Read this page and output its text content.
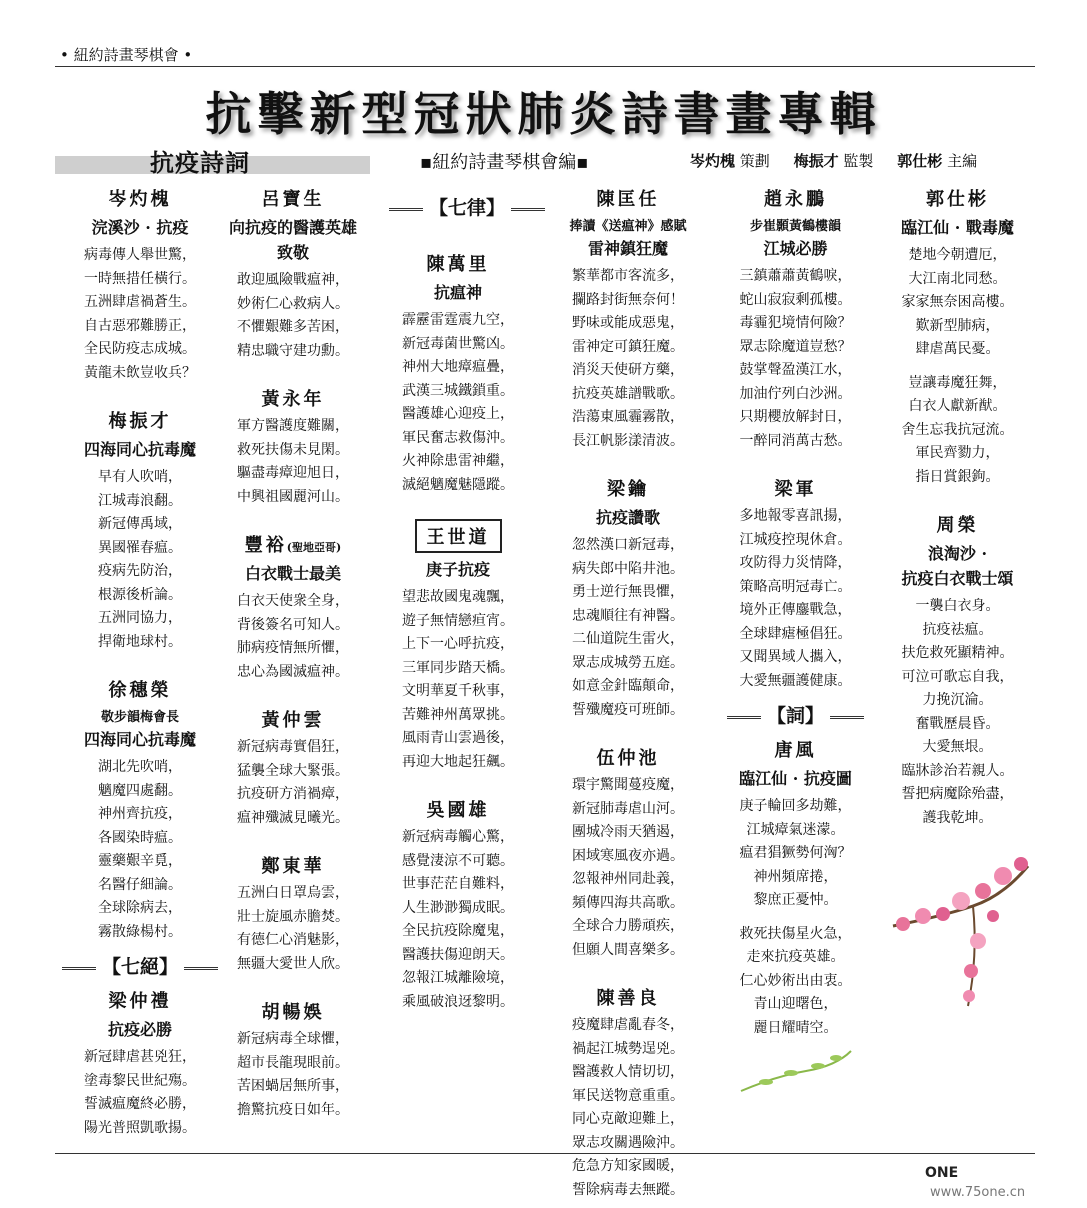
• 紐約詩畫琴棋會 •
抗擊新型冠狀肺炎詩書畫專輯
抗疫詩詞	▪紐約詩畫琴棋會編▪	岑灼槐 策劃 梅振才 監製 郭仕彬 主編
岑灼槐
浣溪沙 · 抗疫
病毒傳人舉世驚，
一時無措任橫行。
五洲肆虐禍蒼生。
自古惡邪難勝正，
全民防疫志成城。
黃龍未飲豈收兵？
梅振才
四海同心抗毒魔
早有人吹哨，
江城毒浪翻。
新冠傳禹域，
異國罹春瘟。
疫病先防治，
根源後析論。
五洲同協力，
捍衛地球村。
徐穗榮
敬步韻梅會長
四海同心抗毒魔
湖北先吹哨，
魑魔四處翻。
神州齊抗疫，
各國染時瘟。
靈藥艱辛覓，
名醫仔細論。
全球除病去，
霧散綠楊村。
【七絕】
梁仲禮
抗疫必勝
新冠肆虐甚兇狂，
塗毒黎民世紀殤。
誓滅瘟魔終必勝，
陽光普照凱歌揚。
呂寶生
向抗疫的醫護英雄
致敬
敢迎風險戰瘟神，
妙術仁心救病人。
不懼艱難多苦困，
精忠職守建功勳。
黃永年
軍方醫護度難關，
救死扶傷未見閑。
驅盡毒瘴迎旭日，
中興祖國麗河山。
豐裕(聖地亞哥)
白衣戰士最美
白衣天使衆全身，
背後簽名可知人。
肺病疫情無所懼，
忠心為國滅瘟神。
黃仲雲
新冠病毒實倡狂，
猛襲全球大緊張。
抗疫研方消禍瘴，
瘟神殲滅見曦光。
鄭東華
五洲白日罩烏雲，
壯士旋風赤膽焚。
有德仁心消魅影，
無疆大愛世人欣。
胡暢娛
新冠病毒全球懼，
超市長龍現眼前。
苦困蝸居無所事，
擔驚抗疫日如年。
【七律】
陳萬里
抗瘟神
霹靂雷霆震九空，
新冠毒菌世驚凶。
神州大地瘴瘟疊，
武漢三城鐵鎖重。
醫護雄心迎疫上，
軍民奮志救傷沖。
火神除患雷神繼，
滅絕魑魔魅隱蹤。
王世道
庚子抗疫
望悲故國鬼魂飄，
遊子無情戀疸宵。
上下一心呼抗疫，
三軍同步踏天橋。
文明華夏千秋事，
苦難神州萬眾挑。
風雨青山雲過後，
再迎大地起狂飆。
吳國雄
新冠病毒觸心驚，
感覺淒涼不可聽。
世事茫茫自難料，
人生渺渺獨成眠。
全民抗疫除魔鬼，
醫護扶傷迎朗天。
忽報江城離險境，
乘風破浪迓黎明。
陳匡任
捧讀《送瘟神》感賦
雷神鎮狂魔
繁華都市客流多，
攔路封街無奈何！
野味或能成惡鬼，
雷神定可鎮狂魔。
消災天使研方藥，
抗疫英雄譜戰歌。
浩蕩東風霾霧散，
長江帆影漾清波。
梁鑰
抗疫讚歌
忽然漢口新冠毒，
病失郎中陷井池。
勇士逆行無畏懼，
忠魂順往有神醫。
二仙道院生雷火，
眾志成城勞五庭。
如意金針臨顛命，
誓殲魔疫可班師。
伍仲池
環宇驚聞蔓疫魔，
新冠肺毒虐山河。
團城冷雨天猶遏，
困域寒風夜亦過。
忽報神州同赴義，
頻傳四海共高歌。
全球合力勝頑疾，
但願人間喜樂多。
陳善良
疫魔肆虐亂春冬，
禍起江城勢逞兇。
醫護救人情切切，
軍民送物意重重。
同心克敵迎難上，
眾志攻關遇險沖。
危急方知家國暖，
誓除病毒去無蹤。
趙永鵬
步崔顥黃鶴樓韻
江城必勝
三鎮蕭蕭黃鶴唳，
蛇山寂寂剩孤樓。
毒霾犯境情何險？
眾志除魔道豈愁？
鼓掌聲盈漢江水，
加油佇列白沙洲。
只期櫻放解封日，
一醉同消萬古愁。
梁軍
多地報零喜訊揚，
江城疫控現休倉。
攻防得力災情降，
策略高明冠毒亡。
境外正傳鏖戰急，
全球肆瘧極倡狂。
又聞異域人攜入，
大愛無疆護健康。
【詞】
唐風
臨江仙 · 抗疫圖
庚子輪回多劫難，
江城瘴氣迷濛。
瘟君猖獗勢何洶？
神州頻席捲，
黎庶正憂忡。
救死扶傷星火急，
走來抗疫英雄。
仁心妙術出由衷。
青山迎曙色，
麗日耀晴空。
郭仕彬
臨江仙 · 戰毒魔
楚地今朝遭厄，
大江南北同愁。
家家無奈困高樓。
歎新型肺病，
肆虐萬民憂。
豈讓毒魔狂舞，
白衣人獻新猷。
舍生忘我抗冠流。
軍民齊勠力，
指日賞銀鉤。
周榮
浪淘沙 ·
抗疫白衣戰士頌
一襲白衣身。
抗疫祛瘟。
扶危救死顯精神。
可泣可歌忘自我，
力挽沉淪。
奮戰歷晨昏。
大愛無垠。
臨牀診治若親人。
誓把病魔除殆盡，
護我乾坤。
ONE
www.75one.cn
